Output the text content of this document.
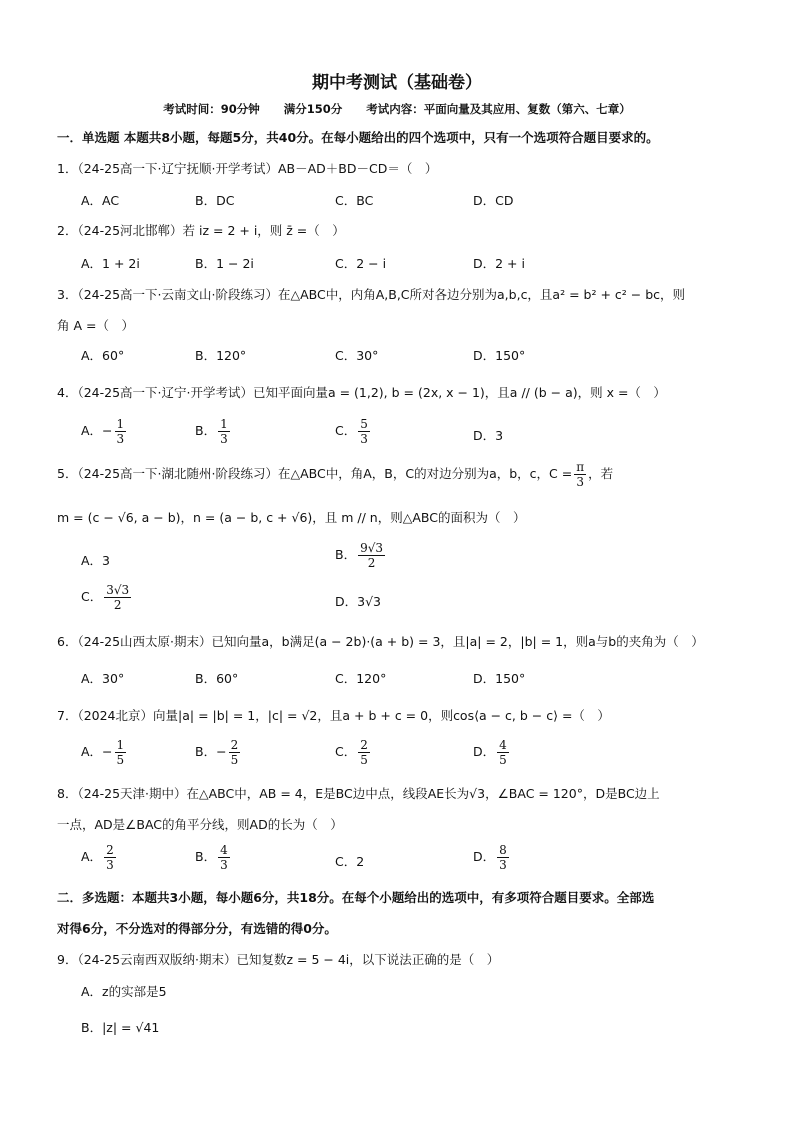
期中考测试（基础卷）
考试时间：90分钟 满分150分 考试内容：平面向量及其应用、复数（第六、七章）
一．单选题 本题共8小题，每题5分，共40分。在每小题给出的四个选项中，只有一个选项符合题目要求的。
1．（24-25高一下·辽宁抚顺·开学考试）AB－AD＋BD－CD＝（　）
A．AC	B．DC	C．BC	D．CD
2．（24-25河北邯郸）若 iz = 2 + i，则 z̄ =（　）
A．1 + 2i	B．1 − 2i	C．2 − i	D．2 + i
3．（24-25高一下·云南文山·阶段练习）在△ABC中，内角A,B,C所对各边分别为a,b,c，且a² = b² + c² − bc，则
角 A =（　）
A．60°	B．120°	C．30°	D．150°
4．（24-25高一下·辽宁·开学考试）已知平面向量a = (1,2), b = (2x, x − 1)，且a // (b − a)，则 x =（　）
A．− $\frac{1}{3}$	B． $\frac{1}{3}$	C． $\frac{5}{3}$	D．3
5．（24-25高一下·湖北随州·阶段练习）在△ABC中，角A，B，C的对边分别为a，b，c，$C = \frac{\pi}{3}$ ，若
m = (c − √6, a − b)，n = (a − b, c + √6)，且 m // n，则△ABC的面积为（　）
A．3	B． $\frac{9√3}{2}$
C． $\frac{3√3}{2}$	D．3√3
6．（24-25山西太原·期末）已知向量a，b满足(a − 2b)·(a + b) = 3，且|a| = 2，|b| = 1，则a与b的夹角为（　）
A．30°	B．60°	C．120°	D．150°
7．（2024北京）向量|a| = |b| = 1，|c| = √2，且a + b + c = 0，则cos⟨a − c, b − c⟩ =（　）
A．− $\frac{1}{5}$	B．− $\frac{2}{5}$	C． $\frac{2}{5}$	D． $\frac{4}{5}$
8．（24-25天津·期中）在△ABC中，AB = 4，E是BC边中点，线段AE长为√3，∠BAC = 120°，D是BC边上
一点，AD是∠BAC的角平分线，则AD的长为（　）
A． $\frac{2}{3}$	B． $\frac{4}{3}$	C．2	D． $\frac{8}{3}$
二．多选题：本题共3小题，每小题6分，共18分。在每个小题给出的选项中，有多项符合题目要求。全部选
对得6分，不分选对的得部分分，有选错的得0分。
9．（24-25云南西双版纳·期末）已知复数z = 5 − 4i，以下说法正确的是（　）
A．z的实部是5
B．|z| = √41
